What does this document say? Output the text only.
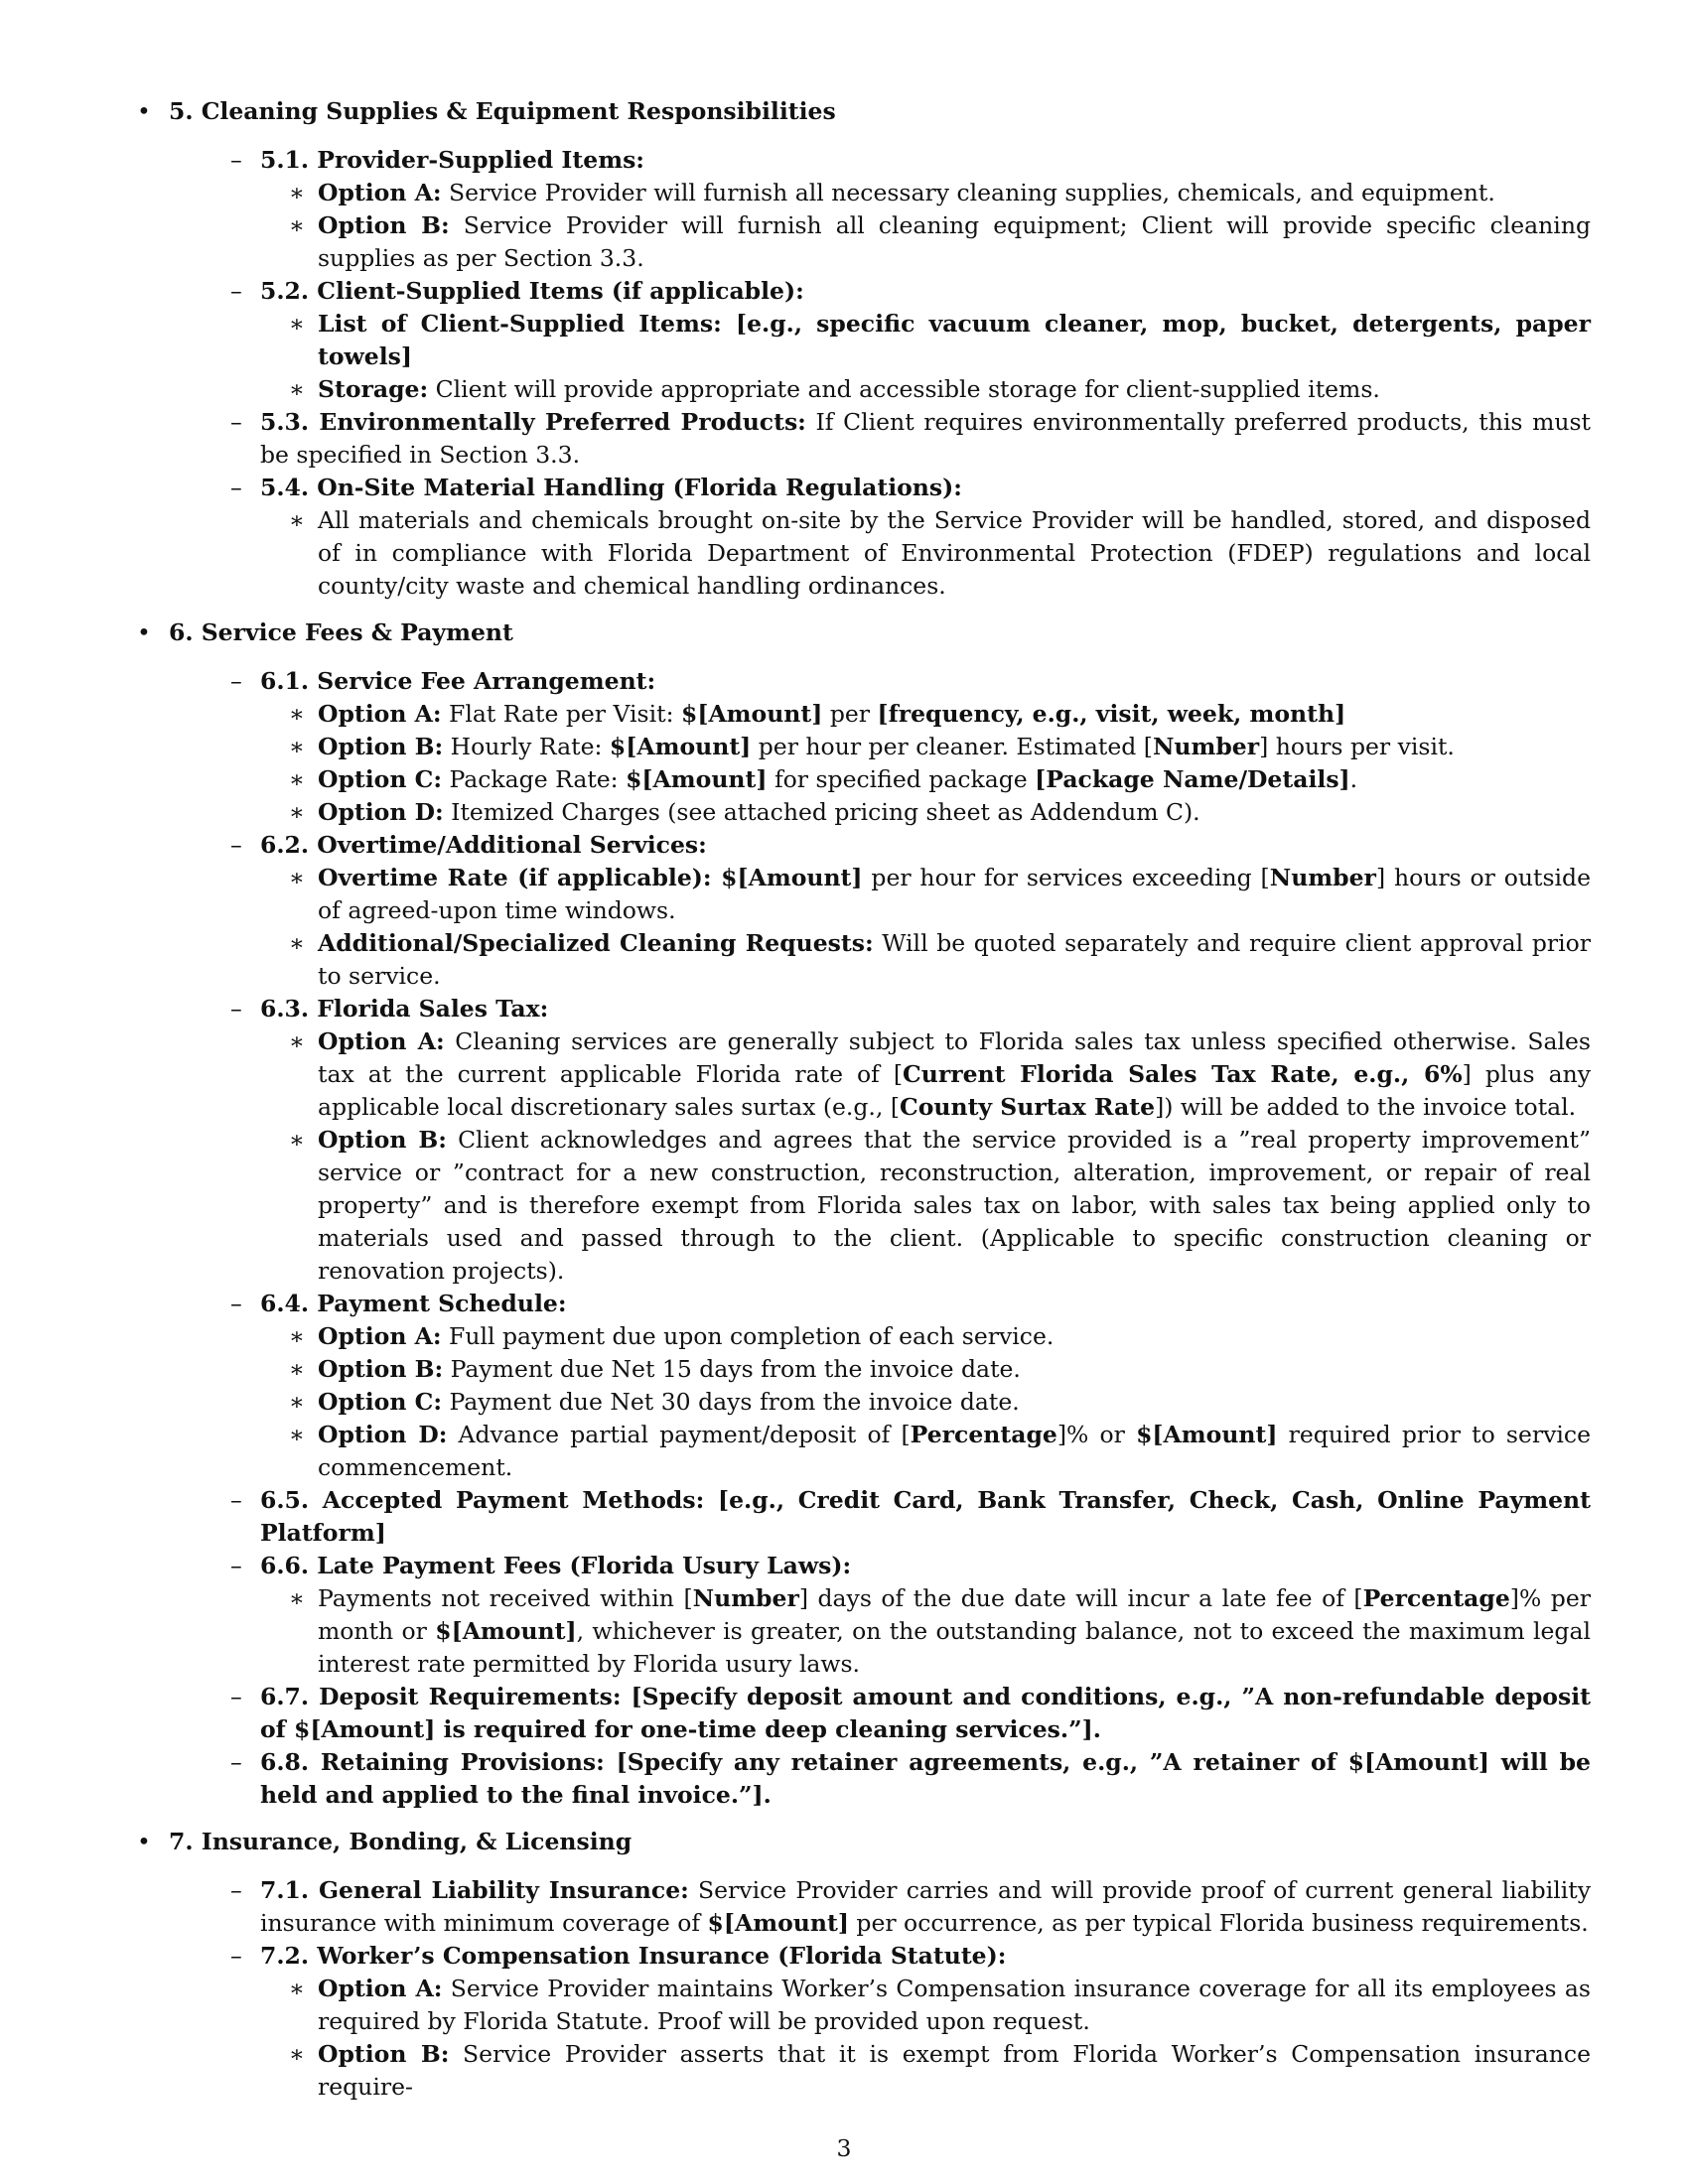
• 5. Cleaning Supplies & Equipment Responsibilities
– 5.1. Provider-Supplied Items:
∗ Option A: Service Provider will furnish all necessary cleaning supplies, chemicals, and equipment.
∗ Option B: Service Provider will furnish all cleaning equipment; Client will provide specific cleaning supplies as per Section 3.3.
– 5.2. Client-Supplied Items (if applicable):
∗ List of Client-Supplied Items: [e.g., specific vacuum cleaner, mop, bucket, detergents, paper towels]
∗ Storage: Client will provide appropriate and accessible storage for client-supplied items.
– 5.3. Environmentally Preferred Products: If Client requires environmentally preferred products, this must be specified in Section 3.3.
– 5.4. On-Site Material Handling (Florida Regulations):
∗ All materials and chemicals brought on-site by the Service Provider will be handled, stored, and disposed of in compliance with Florida Department of Environmental Protection (FDEP) regulations and local county/city waste and chemical handling ordinances.
• 6. Service Fees & Payment
– 6.1. Service Fee Arrangement:
∗ Option A: Flat Rate per Visit: $[Amount] per [frequency, e.g., visit, week, month]
∗ Option B: Hourly Rate: $[Amount] per hour per cleaner. Estimated [Number] hours per visit.
∗ Option C: Package Rate: $[Amount] for specified package [Package Name/Details].
∗ Option D: Itemized Charges (see attached pricing sheet as Addendum C).
– 6.2. Overtime/Additional Services:
∗ Overtime Rate (if applicable): $[Amount] per hour for services exceeding [Number] hours or outside of agreed-upon time windows.
∗ Additional/Specialized Cleaning Requests: Will be quoted separately and require client approval prior to service.
– 6.3. Florida Sales Tax:
∗ Option A: Cleaning services are generally subject to Florida sales tax unless specified otherwise. Sales tax at the current applicable Florida rate of [Current Florida Sales Tax Rate, e.g., 6%] plus any applicable local discretionary sales surtax (e.g., [County Surtax Rate]) will be added to the invoice total.
∗ Option B: Client acknowledges and agrees that the service provided is a ”real property improvement” service or ”contract for a new construction, reconstruction, alteration, improvement, or repair of real property” and is therefore exempt from Florida sales tax on labor, with sales tax being applied only to materials used and passed through to the client. (Applicable to specific construction cleaning or renovation projects).
– 6.4. Payment Schedule:
∗ Option A: Full payment due upon completion of each service.
∗ Option B: Payment due Net 15 days from the invoice date.
∗ Option C: Payment due Net 30 days from the invoice date.
∗ Option D: Advance partial payment/deposit of [Percentage]% or $[Amount] required prior to service commencement.
– 6.5. Accepted Payment Methods: [e.g., Credit Card, Bank Transfer, Check, Cash, Online Payment Platform]
– 6.6. Late Payment Fees (Florida Usury Laws):
∗ Payments not received within [Number] days of the due date will incur a late fee of [Percentage]% per month or $[Amount], whichever is greater, on the outstanding balance, not to exceed the maximum legal interest rate permitted by Florida usury laws.
– 6.7. Deposit Requirements: [Specify deposit amount and conditions, e.g., ”A non-refundable deposit of $[Amount] is required for one-time deep cleaning services.”].
– 6.8. Retaining Provisions: [Specify any retainer agreements, e.g., ”A retainer of $[Amount] will be held and applied to the final invoice.”].
• 7. Insurance, Bonding, & Licensing
– 7.1. General Liability Insurance: Service Provider carries and will provide proof of current general liability insurance with minimum coverage of $[Amount] per occurrence, as per typical Florida business requirements.
– 7.2. Worker’s Compensation Insurance (Florida Statute):
∗ Option A: Service Provider maintains Worker’s Compensation insurance coverage for all its employees as required by Florida Statute. Proof will be provided upon request.
∗ Option B: Service Provider asserts that it is exempt from Florida Worker’s Compensation insurance require-
3
